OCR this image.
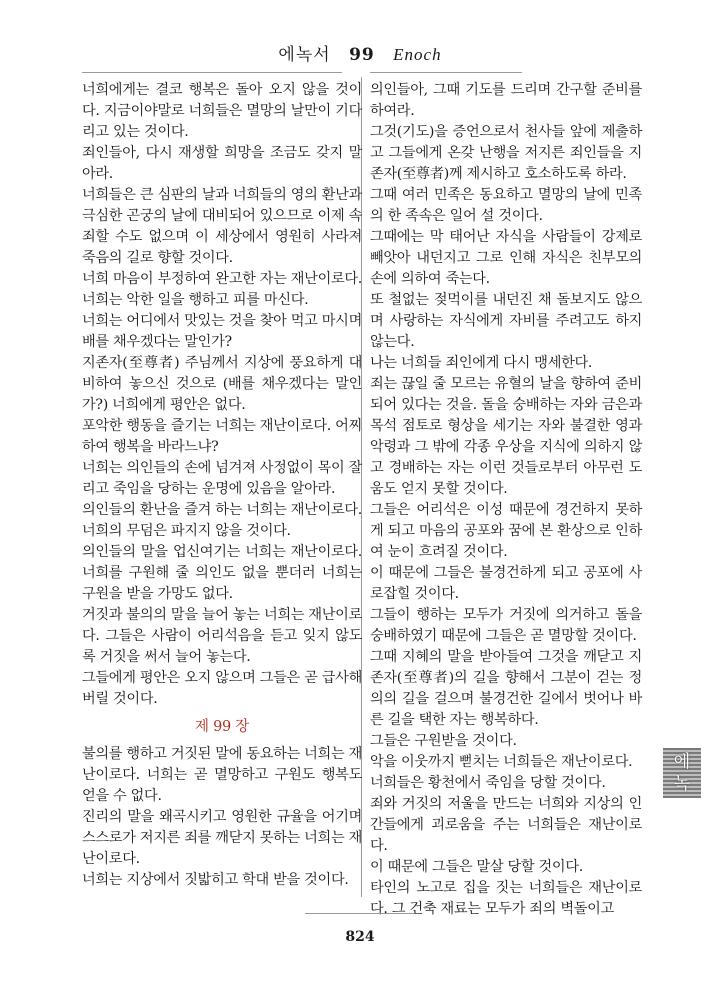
에녹서 99 Enoch

너희에게는 결코 행복은 돌아 오지 않을 것이다. 지금이야말로 너희들은 멸망의 날만이 기다리고 있는 것이다.

죄인들아, 다시 재생할 희망을 조금도 갖지 말아라.

너희들은 큰 심판의 날과 너희들의 영의 환난과 극심한 곤궁의 날에 대비되어 있으므로 이제 속죄할 수도 없으며 이 세상에서 영원히 사라져 죽음의 길로 향할 것이다.

너희 마음이 부정하여 완고한 자는 재난이로다. 너희는 악한 일을 행하고 피를 마신다.

너희는 어디에서 맛있는 것을 찾아 먹고 마시며 배를 채우겠다는 말인가?

지존자(至尊者) 주님께서 지상에 풍요하게 대비하여 놓으신 것으로 (배를 채우겠다는 말인가?) 너희에게 평안은 없다.

포악한 행동을 즐기는 너희는 재난이로다. 어찌하여 행복을 바라느냐?

너희는 의인들의 손에 넘겨져 사정없이 목이 잘리고 죽임을 당하는 운명에 있음을 알아라.

의인들의 환난을 즐겨 하는 너희는 재난이로다. 너희의 무덤은 파지지 않을 것이다.

의인들의 말을 업신여기는 너희는 재난이로다. 너희를 구원해 줄 의인도 없을 뿐더러 너희는 구원을 받을 가망도 없다.

거짓과 불의의 말을 늘어 놓는 너희는 재난이로다. 그들은 사람이 어리석음을 듣고 잊지 않도록 거짓을 써서 늘어 놓는다.

그들에게 평안은 오지 않으며 그들은 곧 급사해 버릴 것이다.

제 99 장

불의를 행하고 거짓된 말에 동요하는 너희는 재난이로다. 너희는 곧 멸망하고 구원도 행복도 얻을 수 없다.

진리의 말을 왜곡시키고 영원한 규율을 어기며 스스로가 저지른 죄를 깨닫지 못하는 너희는 재난이로다.

너희는 지상에서 짓밟히고 학대 받을 것이다.

의인들아, 그때 기도를 드리며 간구할 준비를 하여라.

그것(기도)을 증언으로서 천사들 앞에 제출하고 그들에게 온갖 난행을 저지른 죄인들을 지존자(至尊者)께 제시하고 호소하도록 하라.

그때 여러 민족은 동요하고 멸망의 날에 민족의 한 족속은 일어 설 것이다.

그때에는 막 태어난 자식을 사람들이 강제로 빼앗아 내던지고 그로 인해 자식은 친부모의 손에 의하여 죽는다.

또 철없는 젖먹이를 내던진 채 돌보지도 않으며 사랑하는 자식에게 자비를 주려고도 하지 않는다.

나는 너희들 죄인에게 다시 맹세한다.

죄는 끊일 줄 모르는 유혈의 날을 향하여 준비되어 있다는 것을. 돌을 숭배하는 자와 금은과 목석 점토로 형상을 세기는 자와 불결한 영과 악령과 그 밖에 각종 우상을 지식에 의하지 않고 경배하는 자는 이런 것들로부터 아무런 도움도 얻지 못할 것이다.

그들은 어리석은 이성 때문에 경건하지 못하게 되고 마음의 공포와 꿈에 본 환상으로 인하여 눈이 흐려질 것이다.

이 때문에 그들은 불경건하게 되고 공포에 사로잡힐 것이다.

그들이 행하는 모두가 거짓에 의거하고 돌을 숭배하였기 때문에 그들은 곧 멸망할 것이다.

그때 지혜의 말을 받아들여 그것을 깨닫고 지존자(至尊者)의 길을 향해서 그분이 걷는 정의의 길을 걸으며 불경건한 길에서 벗어나 바른 길을 택한 자는 행복하다.

그들은 구원받을 것이다.

악을 이웃까지 뻗치는 너희들은 재난이로다.

너희들은 황천에서 죽임을 당할 것이다.

죄와 거짓의 저울을 만드는 너희와 지상의 인간들에게 괴로움을 주는 너희들은 재난이로다.

이 때문에 그들은 말살 당할 것이다.

타인의 노고로 집을 짓는 너희들은 재난이로다. 그 건축 재료는 모두가 죄의 벽돌이고

에
녹
824
